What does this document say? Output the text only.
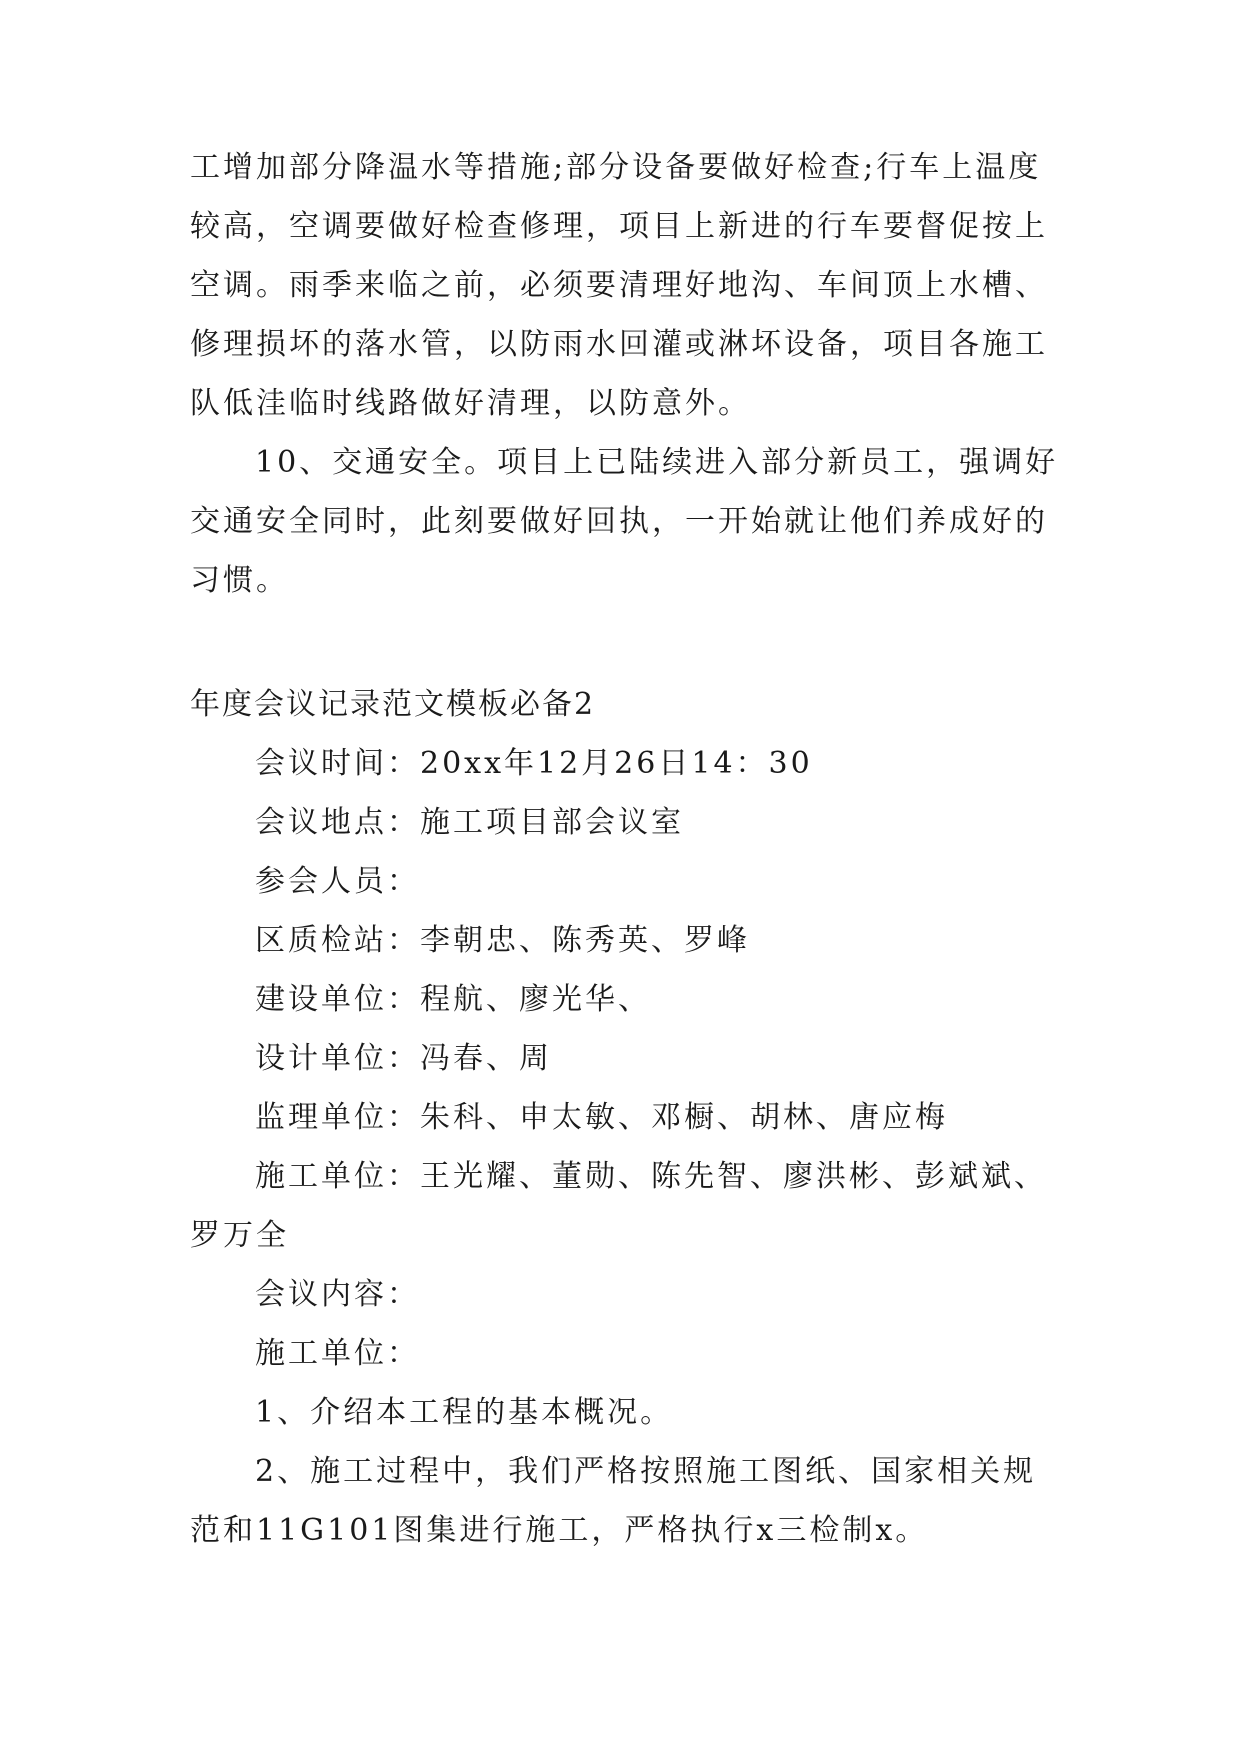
工增加部分降温水等措施;部分设备要做好检查;行车上温度
较高，空调要做好检查修理，项目上新进的行车要督促按上
空调。雨季来临之前，必须要清理好地沟、车间顶上水槽、
修理损坏的落水管，以防雨水回灌或淋坏设备，项目各施工
队低洼临时线路做好清理，以防意外。
10、交通安全。项目上已陆续进入部分新员工，强调好
交通安全同时，此刻要做好回执，一开始就让他们养成好的
习惯。
年度会议记录范文模板必备2
会议时间：20xx年12月26日14：30
会议地点：施工项目部会议室
参会人员：
区质检站：李朝忠、陈秀英、罗峰
建设单位：程航、廖光华、
设计单位：冯春、周
监理单位：朱科、申太敏、邓橱、胡林、唐应梅
施工单位：王光耀、董勋、陈先智、廖洪彬、彭斌斌、
罗万全
会议内容：
施工单位：
1、介绍本工程的基本概况。
2、施工过程中，我们严格按照施工图纸、国家相关规
范和11G101图集进行施工，严格执行x三检制x。
